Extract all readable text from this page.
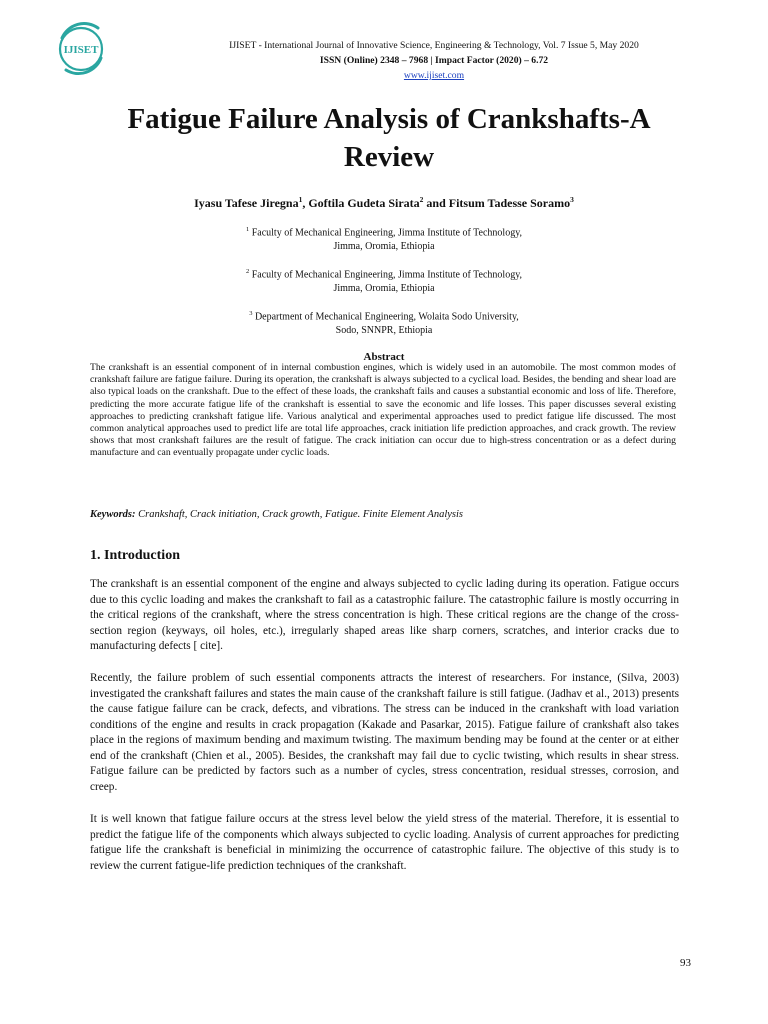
IJISET	IJISET - International Journal of Innovative Science, Engineering & Technology, Vol. 7 Issue 5, May 2020
ISSN (Online) 2348 – 7968 | Impact Factor (2020) – 6.72
www.ijiset.com
Fatigue Failure Analysis of Crankshafts-A
Review
Iyasu Tafese Jiregna$^1$, Goftila Gudeta Sirata$^2$ and Fitsum Tadesse Soramo$^3$
$^1$ Faculty of Mechanical Engineering, Jimma Institute of Technology,
Jimma, Oromia, Ethiopia
$^2$ Faculty of Mechanical Engineering, Jimma Institute of Technology,
Jimma, Oromia, Ethiopia
$^3$ Department of Mechanical Engineering, Wolaita Sodo University,
Sodo, SNNPR, Ethiopia
Abstract
The crankshaft is an essential component of in internal combustion engines, which is widely used in an automobile. The most common modes of crankshaft failure are fatigue failure. During its operation, the crankshaft is always subjected to a cyclical load. Besides, the bending and shear load are also typical loads on the crankshaft. Due to the effect of these loads, the crankshaft fails and causes a substantial economic and loss of life. Therefore, predicting the more accurate fatigue life of the crankshaft is essential to save the economic and life losses. This paper discusses several existing approaches to predicting crankshaft fatigue life. Various analytical and experimental approaches used to predict fatigue life discussed. The most common analytical approaches used to predict life are total life approaches, crack initiation life prediction approaches, and crack growth. The review shows that most crankshaft failures are the result of fatigue. The crack initiation can occur due to high-stress concentration or as a defect during manufacture and can eventually propagate under cyclic loads.
Keywords: Crankshaft, Crack initiation, Crack growth, Fatigue. Finite Element Analysis
1. Introduction
The crankshaft is an essential component of the engine and always subjected to cyclic lading during its operation. Fatigue occurs due to this cyclic loading and makes the crankshaft to fail as a catastrophic failure. The catastrophic failure is mostly occurring in the critical regions of the crankshaft, where the stress concentration is high. These critical regions are the change of the cross-section region (keyways, oil holes, etc.), irregularly shaped areas like sharp corners, scratches, and interior cracks due to manufacturing defects [ cite].
Recently, the failure problem of such essential components attracts the interest of researchers. For instance, (Silva, 2003) investigated the crankshaft failures and states the main cause of the crankshaft failure is still fatigue. (Jadhav et al., 2013) presents the cause fatigue failure can be crack, defects, and vibrations. The stress can be induced in the crankshaft with load variation conditions of the engine and results in crack propagation (Kakade and Pasarkar, 2015). Fatigue failure of crankshaft also takes place in the regions of maximum bending and maximum twisting. The maximum bending may be found at the center or at either end of the crankshaft (Chien et al., 2005). Besides, the crankshaft may fail due to cyclic twisting, which results in shear stress. Fatigue failure can be predicted by factors such as a number of cycles, stress concentration, residual stresses, corrosion, and creep.
It is well known that fatigue failure occurs at the stress level below the yield stress of the material. Therefore, it is essential to predict the fatigue life of the components which always subjected to cyclic loading. Analysis of current approaches for predicting fatigue life the crankshaft is beneficial in minimizing the occurrence of catastrophic failure. The objective of this study is to review the current fatigue-life prediction techniques of the crankshaft.
93
